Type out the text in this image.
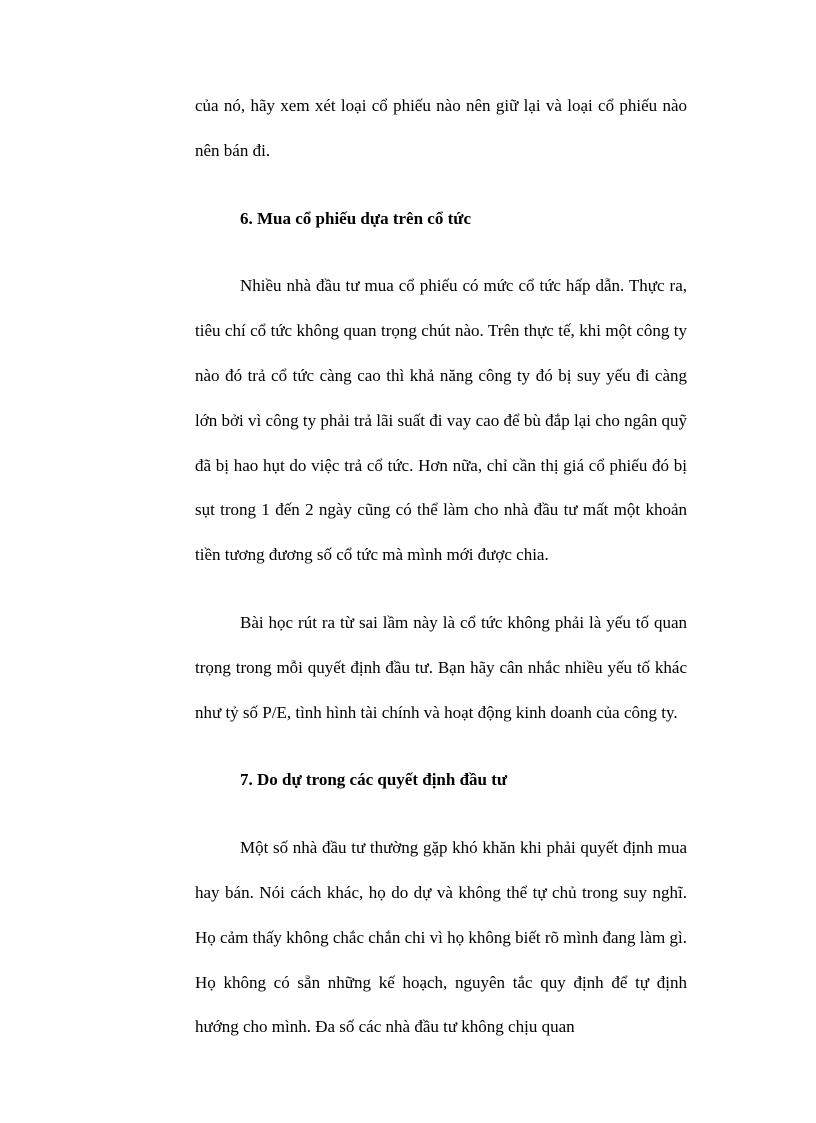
của nó, hãy xem xét loại cổ phiếu nào nên giữ lại và loại cổ phiếu nào nên bán đi.

6. Mua cổ phiếu dựa trên cổ tức

Nhiều nhà đầu tư mua cổ phiếu có mức cổ tức hấp dẫn. Thực ra, tiêu chí cổ tức không quan trọng chút nào. Trên thực tế, khi một công ty nào đó trả cổ tức càng cao thì khả năng công ty đó bị suy yếu đi càng lớn bởi vì công ty phải trả lãi suất đi vay cao để bù đắp lại cho ngân quỹ đã bị hao hụt do việc trả cổ tức. Hơn nữa, chỉ cần thị giá cổ phiếu đó bị sụt trong 1 đến 2 ngày cũng có thể làm cho nhà đầu tư mất một khoản tiền tương đương số cổ tức mà mình mới được chia.

Bài học rút ra từ sai lầm này là cổ tức không phải là yếu tố quan trọng trong mỗi quyết định đầu tư. Bạn hãy cân nhắc nhiều yếu tố khác như tỷ số P/E, tình hình tài chính và hoạt động kinh doanh của công ty.

7. Do dự trong các quyết định đầu tư

Một số nhà đầu tư thường gặp khó khăn khi phải quyết định mua hay bán. Nói cách khác, họ do dự và không thể tự chủ trong suy nghĩ. Họ cảm thấy không chắc chắn chi vì họ không biết rõ mình đang làm gì. Họ không có sẵn những kế hoạch, nguyên tắc quy định để tự định hướng cho mình. Đa số các nhà đầu tư không chịu quan
